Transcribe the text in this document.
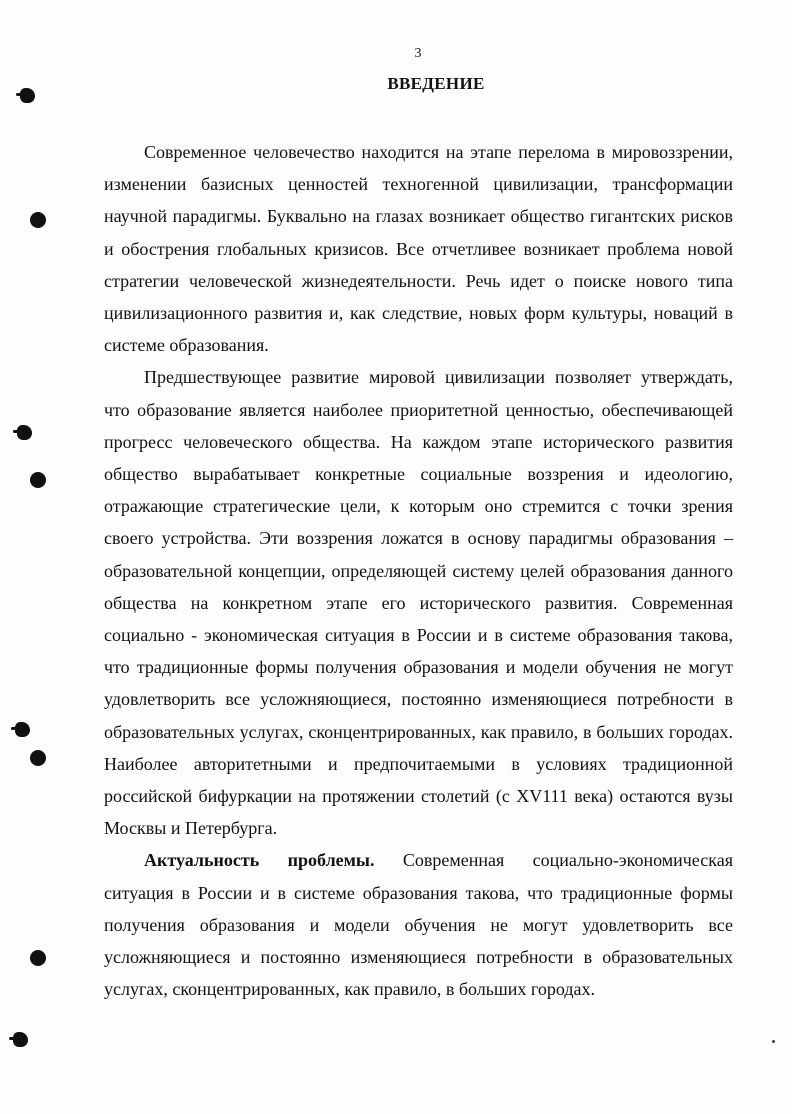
3
ВВЕДЕНИЕ

Современное человечество находится на этапе перелома в мировоззрении, изменении базисных ценностей техногенной цивилизации, трансформации научной парадигмы. Буквально на глазах возникает общество гигантских рисков и обострения глобальных кризисов. Все отчетливее возникает проблема новой стратегии человеческой жизнедеятельности. Речь идет о поиске нового типа цивилизационного развития и, как следствие, новых форм культуры, новаций в системе образования.

Предшествующее развитие мировой цивилизации позволяет утверждать, что образование является наиболее приоритетной ценностью, обеспечивающей прогресс человеческого общества. На каждом этапе исторического развития общество вырабатывает конкретные социальные воззрения и идеологию, отражающие стратегические цели, к которым оно стремится с точки зрения своего устройства. Эти воззрения ложатся в основу парадигмы образования – образовательной концепции, определяющей систему целей образования данного общества на конкретном этапе его исторического развития. Современная социально - экономическая ситуация в России и в системе образования такова, что традиционные формы получения образования и модели обучения не могут удовлетворить все усложняющиеся, постоянно изменяющиеся потребности в образовательных услугах, сконцентрированных, как правило, в больших городах. Наиболее авторитетными и предпочитаемыми в условиях традиционной российской бифуркации на протяжении столетий (с XV111 века) остаются вузы Москвы и Петербурга.

Актуальность проблемы. Современная социально-экономическая ситуация в России и в системе образования такова, что традиционные формы получения образования и модели обучения не могут удовлетворить все усложняющиеся и постоянно изменяющиеся потребности в образовательных услугах, сконцентрированных, как правило, в больших городах.
